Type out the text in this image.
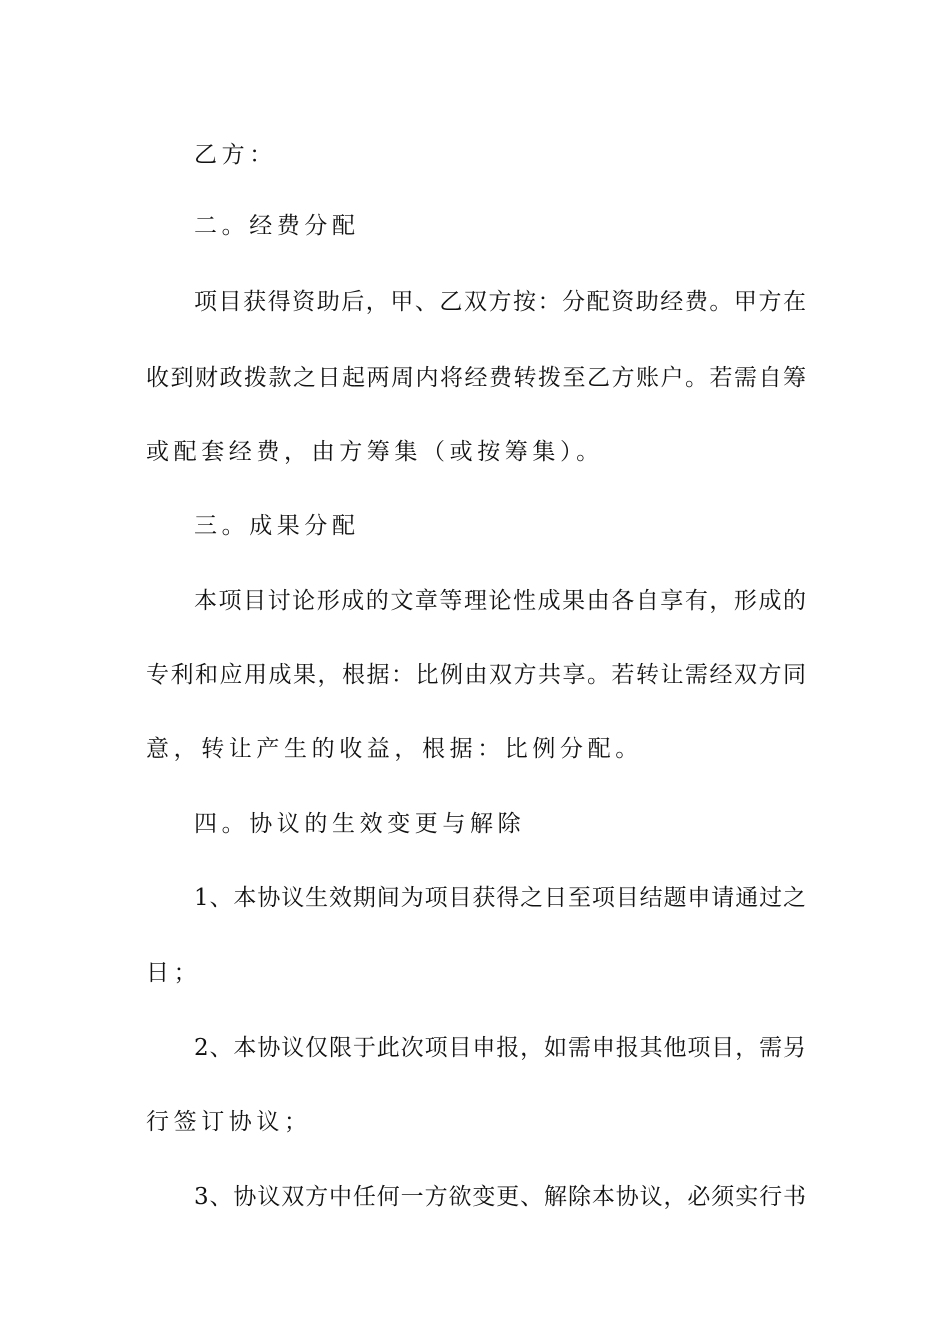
乙方：
二。经费分配
项目获得资助后，甲、乙双方按：分配资助经费。甲方在
收到财政拨款之日起两周内将经费转拨至乙方账户。若需自筹
或配套经费，由方筹集（或按筹集）。
三。成果分配
本项目讨论形成的文章等理论性成果由各自享有，形成的
专利和应用成果，根据：比例由双方共享。若转让需经双方同
意，转让产生的收益，根据：比例分配。
四。协议的生效变更与解除
1、本协议生效期间为项目获得之日至项目结题申请通过之
日；
2、本协议仅限于此次项目申报，如需申报其他项目，需另
行签订协议；
3、协议双方中任何一方欲变更、解除本协议，必须实行书
